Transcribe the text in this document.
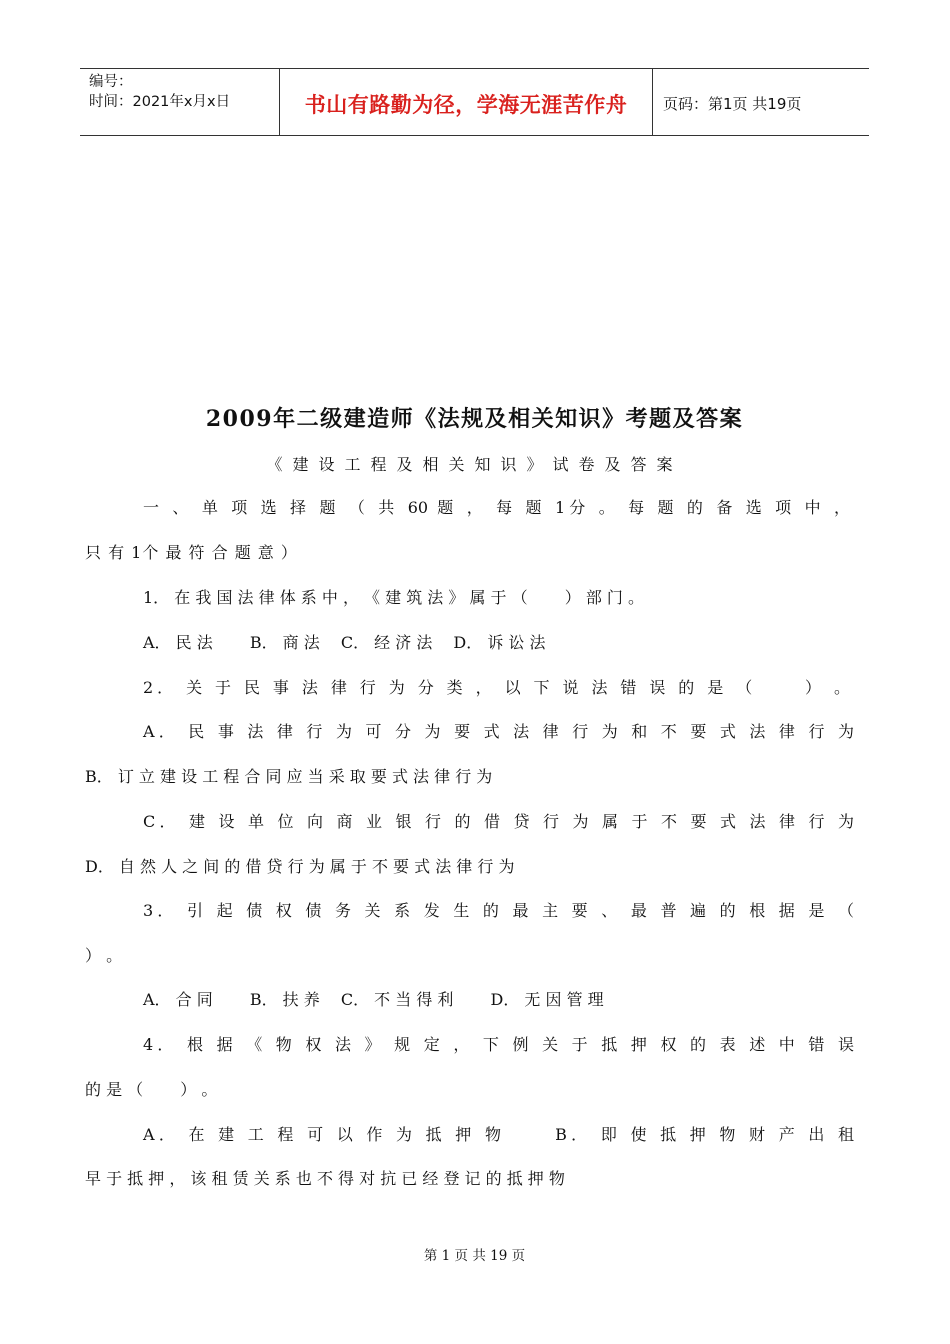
编号：
时间：2021年x月x日	书山有路勤为径，学海无涯苦作舟	页码：第1页 共19页
2009年二级建造师《法规及相关知识》考题及答案
《建设工程及相关知识》试卷及答案
一 、 单 项 选 择 题 （ 共 60 题 ， 每 题 1分 。 每 题 的 备 选 项 中 ，
只 有 1个 最 符 合 题 意 ）
1． 在 我 国 法 律 体 系 中 ， 《 建 筑 法 》 属 于 （　　 ） 部 门 。
A． 民 法　　 B． 商 法　 C． 经 济 法　 D． 诉 讼 法
2． 关 于 民 事 法 律 行 为 分 类 ， 以 下 说 法 错 误 的 是 （　　 ） 。
A． 民 事 法 律 行 为 可 分 为 要 式 法 律 行 为 和 不 要 式 法 律 行 为
B． 订 立 建 设 工 程 合 同 应 当 采 取 要 式 法 律 行 为
C． 建 设 单 位 向 商 业 银 行 的 借 贷 行 为 属 于 不 要 式 法 律 行 为
D． 自 然 人 之 间 的 借 贷 行 为 属 于 不 要 式 法 律 行 为
3． 引 起 债 权 债 务 关 系 发 生 的 最 主 要 、 最 普 遍 的 根 据 是 （
） 。
A． 合 同　　 B． 扶 养　 C． 不 当 得 利　　 D． 无 因 管 理
4． 根 据 《 物 权 法 》 规 定 ， 下 例 关 于 抵 押 权 的 表 述 中 错 误
的 是 （　　 ） 。
A． 在 建 工 程 可 以 作 为 抵 押 物　　 B． 即 使 抵 押 物 财 产 出 租
早 于 抵 押 ， 该 租 赁 关 系 也 不 得 对 抗 已 经 登 记 的 抵 押 物
第 1 页 共 19 页
